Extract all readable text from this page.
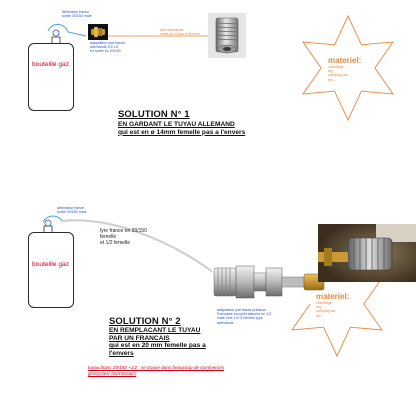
détendeur france
sortie 20/150 male
bouteille gaz
adaptateur tyre france
allemande 1/4 LG
en sortie ex 20/150
tyre allemande
sortie ø 14 pas à l'envers
materiel:
chauffage
frig
camping car
etc...
SOLUTION N° 1
EN GARDANT LE TUYAU ALLEMAND
qui est en ø 14mm femelle pas a l'envers
détendeur france
sortie 20/150 male
bouteille gaz
lyre france en 20/150
femelle
et 1/2 femelle
adaptateur lyre basse pression
Francaise écrou/et blanche en 1/2
male vers 1/4 G femelle type
allemande
materiel:
chauffage
frig
camping car
etc...
SOLUTION N° 2
EN REMPLACANT LE TUYAU
PAR UN FRANCAIS
qui est en 20 mm femelle pas a
l'envers
tuyau blanc 20/150 +1/2 : se trouve dans beaucoup de commerces
grossistes/ fournisseurs
